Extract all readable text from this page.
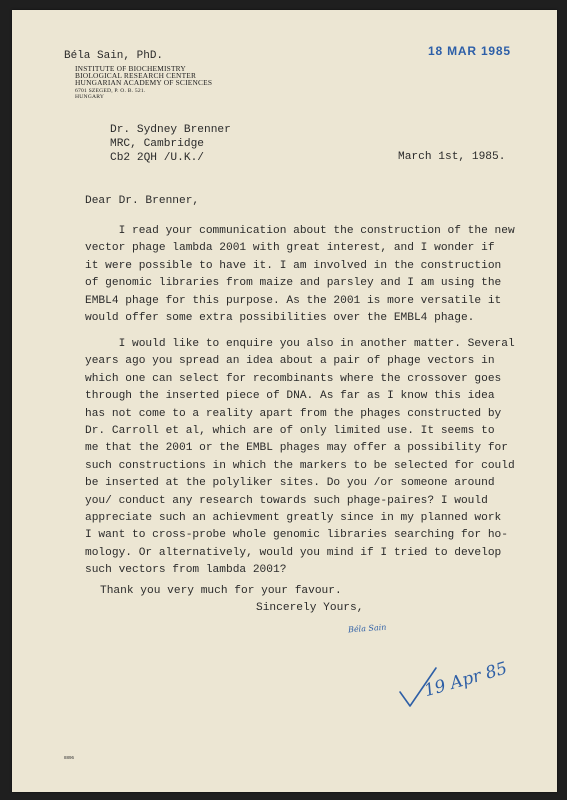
Béla Sain, PhD.
INSTITUTE OF BIOCHEMISTRY
BIOLOGICAL RESEARCH CENTER
HUNGARIAN ACADEMY OF SCIENCES
6701 SZEGED, P. O. B. 521.
HUNGARY
18 MAR 1985
Dr. Sydney Brenner
MRC, Cambridge
Cb2 2QH /U.K./	March 1st, 1985.
Dear Dr. Brenner,
I read your communication about the construction of the new
vector phage lambda 2001 with great interest, and I wonder if
it were possible to have it. I am involved in the construction
of genomic libraries from maize and parsley and I am using the
EMBL4 phage for this purpose. As the 2001 is more versatile it
would offer some extra possibilities over the EMBL4 phage.
I would like to enquire you also in another matter. Several
years ago you spread an idea about a pair of phage vectors in
which one can select for recombinants where the crossover goes
through the inserted piece of DNA. As far as I know this idea
has not come to a reality apart from the phages constructed by
Dr. Carroll et al, which are of only limited use. It seems to
me that the 2001 or the EMBL phages may offer a possibility for
such constructions in which the markers to be selected for could
be inserted at the polyliker sites. Do you /or someone around
you/ conduct any research towards such phage-paires? I would
appreciate such an achievment greatly since in my planned work
I want to cross-probe whole genomic libraries searching for ho-
mology. Or alternatively, would you mind if I tried to develop
such vectors from lambda 2001?
Thank you very much for your favour.
Sincerely Yours,
Béla Sain
19 Apr 85
8896
